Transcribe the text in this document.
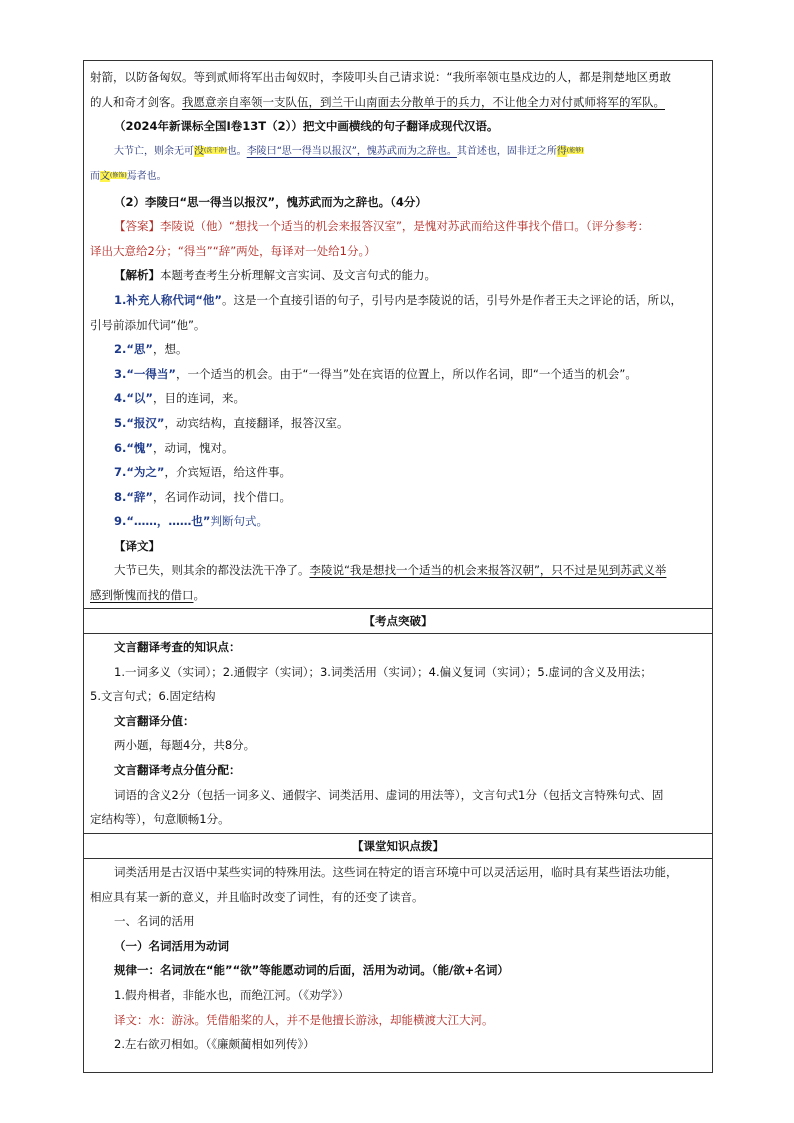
射箭，以防备匈奴。等到贰师将军出击匈奴时，李陵叩头自己请求说：“我所率领屯垦戍边的人，都是荆楚地区勇敢
的人和奇才剑客。我愿意亲自率领一支队伍，到兰干山南面去分散单于的兵力，不让他全力对付贰师将军的军队。
（2024年新课标全国Ⅰ卷13T（2））把文中画横线的句子翻译成现代汉语。
大节亡，则余无可没(洗干净)也。李陵曰“思一得当以报汉”，愧苏武而为之辞也。其首述也，固非迂之所得(能够)
而文(修饰)焉者也。
（2）李陵曰“思一得当以报汉”，愧苏武而为之辞也。（4分）
【答案】李陵说（他）“想找一个适当的机会来报答汉室”，是愧对苏武而给这件事找个借口。（评分参考：
译出大意给2分；“得当”“辞”两处，每译对一处给1分。）
【解析】本题考查考生分析理解文言实词、及文言句式的能力。
1.补充人称代词“他”。这是一个直接引语的句子，引号内是李陵说的话，引号外是作者王夫之评论的话，所以，
引号前添加代词“他”。
2.“思”，想。
3.“一得当”，一个适当的机会。由于“一得当”处在宾语的位置上，所以作名词，即“一个适当的机会”。
4.“以”，目的连词，来。
5.“报汉”，动宾结构，直接翻译，报答汉室。
6.“愧”，动词，愧对。
7.“为之”，介宾短语，给这件事。
8.“辞”，名词作动词，找个借口。
9.“……，……也”判断句式。
【译文】
大节已失，则其余的都没法洗干净了。李陵说“我是想找一个适当的机会来报答汉朝”，只不过是见到苏武义举
感到惭愧而找的借口。

【考点突破】

文言翻译考查的知识点：
1.一词多义（实词）；2.通假字（实词）；3.词类活用（实词）；4.偏义复词（实词）；5.虚词的含义及用法；
5.文言句式；6.固定结构
文言翻译分值：
两小题，每题4分，共8分。
文言翻译考点分值分配：
词语的含义2分（包括一词多义、通假字、词类活用、虚词的用法等），文言句式1分（包括文言特殊句式、固
定结构等），句意顺畅1分。

【课堂知识点拨】

词类活用是古汉语中某些实词的特殊用法。这些词在特定的语言环境中可以灵活运用，临时具有某些语法功能，
相应具有某一新的意义，并且临时改变了词性，有的还变了读音。
一、名词的活用
（一）名词活用为动词
规律一：名词放在“能”“欲”等能愿动词的后面，活用为动词。（能/欲+名词）
1.假舟楫者，非能水也，而绝江河。（《劝学》）
译文：水：游泳。凭借船桨的人，并不是他擅长游泳，却能横渡大江大河。
2.左右欲刃相如。（《廉颇蔺相如列传》）
